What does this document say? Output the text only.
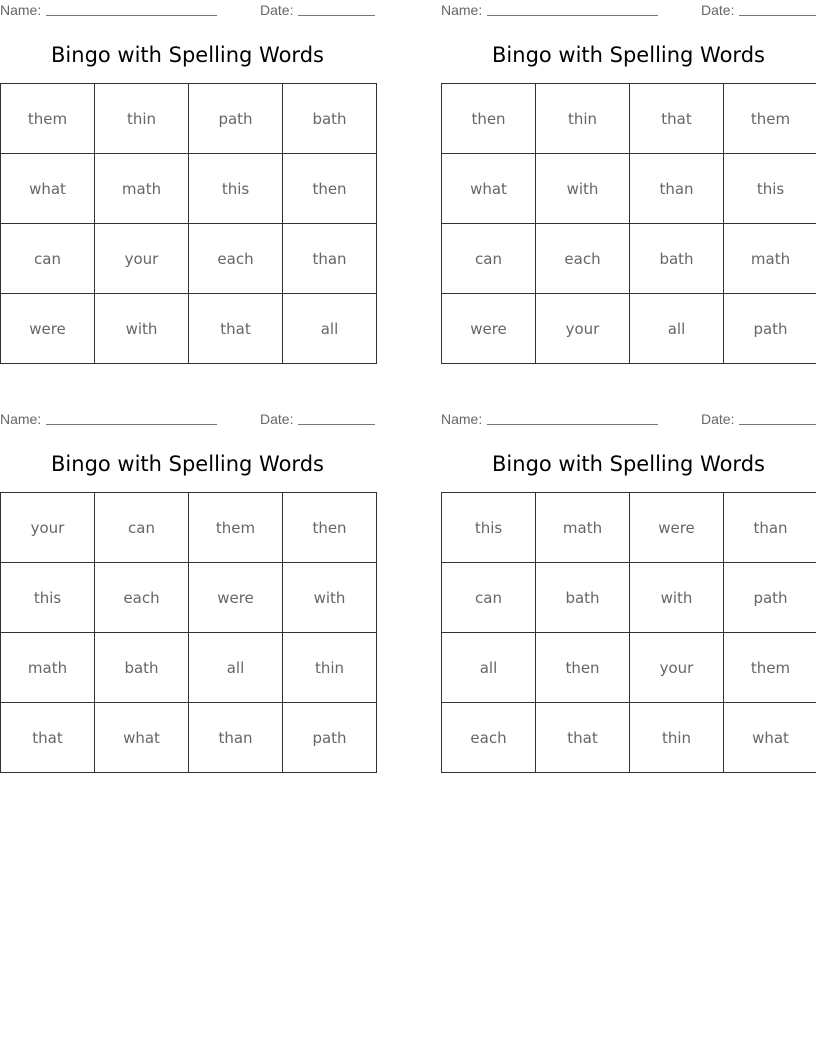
Name:	Date:
Bingo with Spelling Words
them	thin	path	bath
what	math	this	then
can	your	each	than
were	with	that	all
Name:	Date:
Bingo with Spelling Words
then	thin	that	them
what	with	than	this
can	each	bath	math
were	your	all	path
Name:	Date:
Bingo with Spelling Words
your	can	them	then
this	each	were	with
math	bath	all	thin
that	what	than	path
Name:	Date:
Bingo with Spelling Words
this	math	were	than
can	bath	with	path
all	then	your	them
each	that	thin	what
